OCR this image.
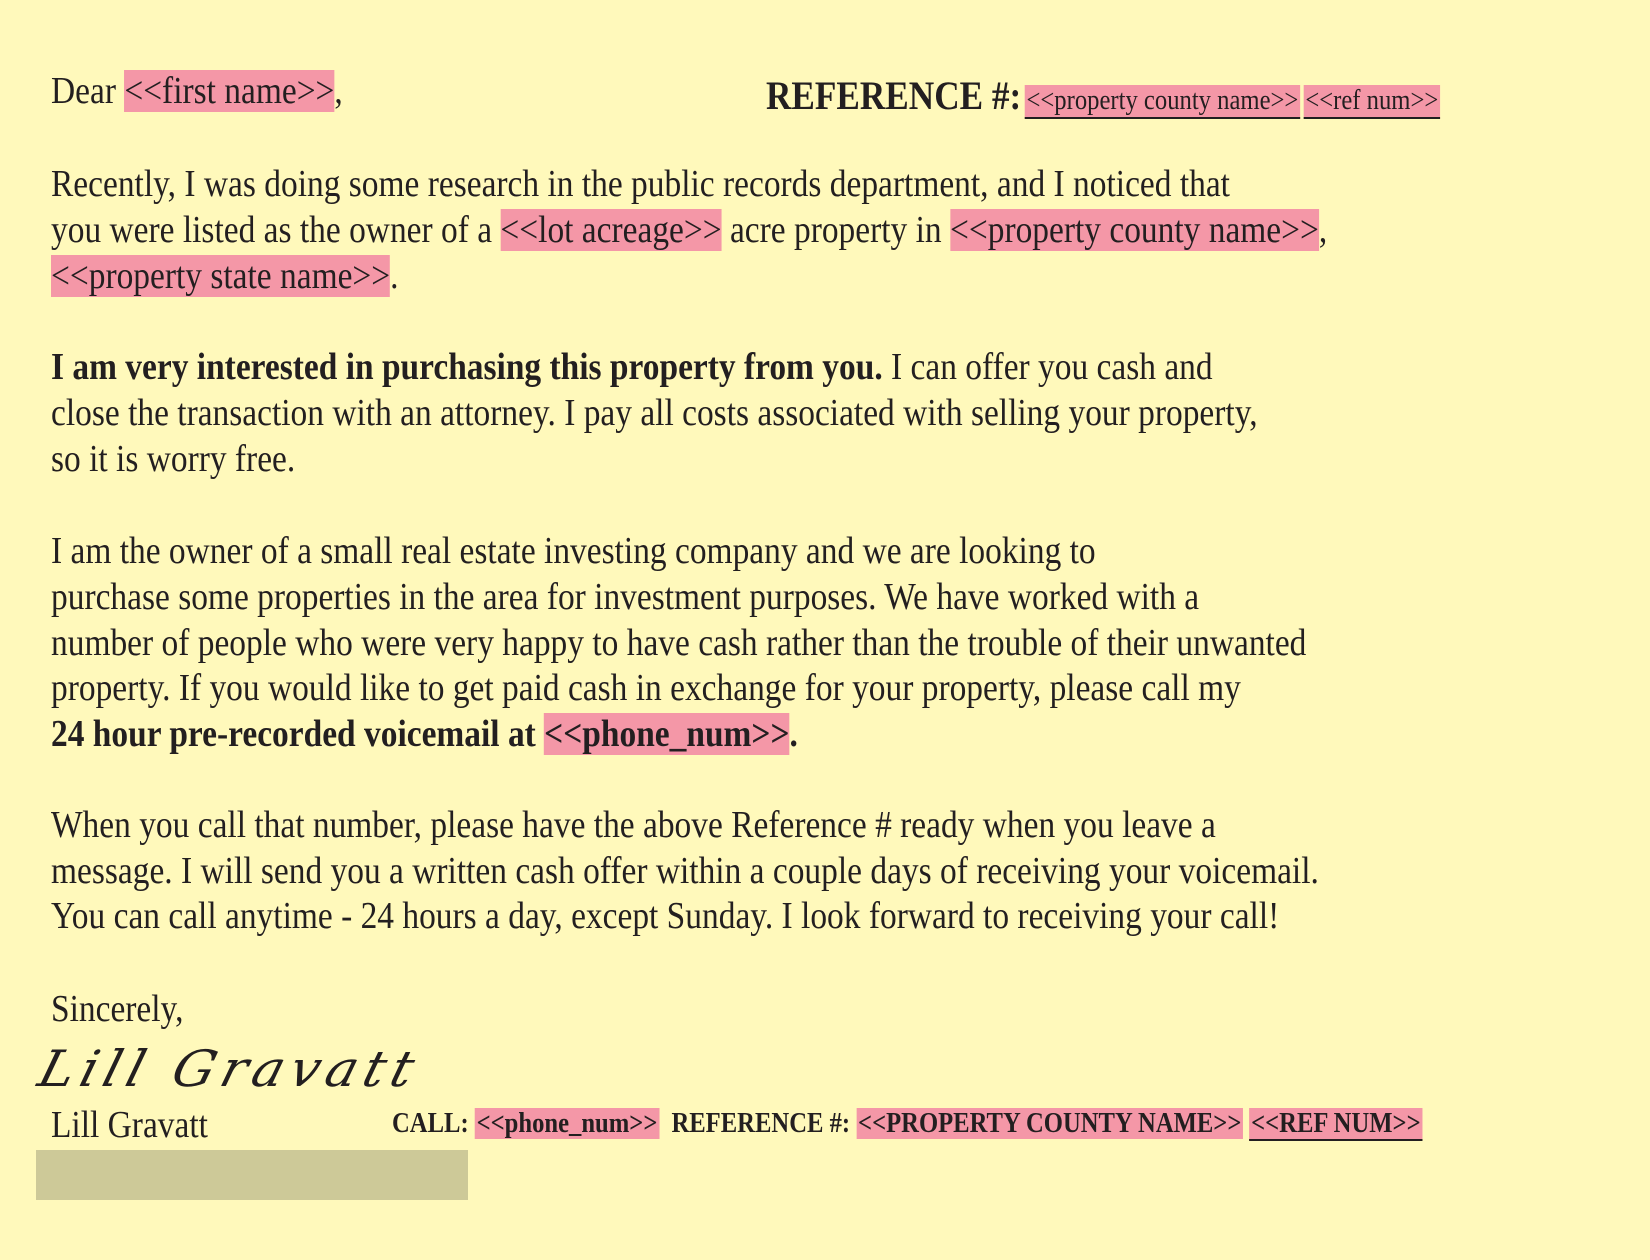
Dear <<first name>>,	REFERENCE #: <<property county name>> <<ref num>>
Recently, I was doing some research in the public records department, and I noticed that
you were listed as the owner of a <<lot acreage>> acre property in <<property county name>>,
<<property state name>>.
I am very interested in purchasing this property from you. I can offer you cash and
close the transaction with an attorney. I pay all costs associated with selling your property,
so it is worry free.
I am the owner of a small real estate investing company and we are looking to
purchase some properties in the area for investment purposes. We have worked with a
number of people who were very happy to have cash rather than the trouble of their unwanted
property. If you would like to get paid cash in exchange for your property, please call my
24 hour pre-recorded voicemail at <<phone_num>>.
When you call that number, please have the above Reference # ready when you leave a
message. I will send you a written cash offer within a couple days of receiving your voicemail.
You can call anytime - 24 hours a day, except Sunday. I look forward to receiving your call!
Sincerely,
Lill Gravatt
Lill Gravatt	CALL: <<phone_num>> REFERENCE #: <<PROPERTY COUNTY NAME>> <<REF NUM>>
